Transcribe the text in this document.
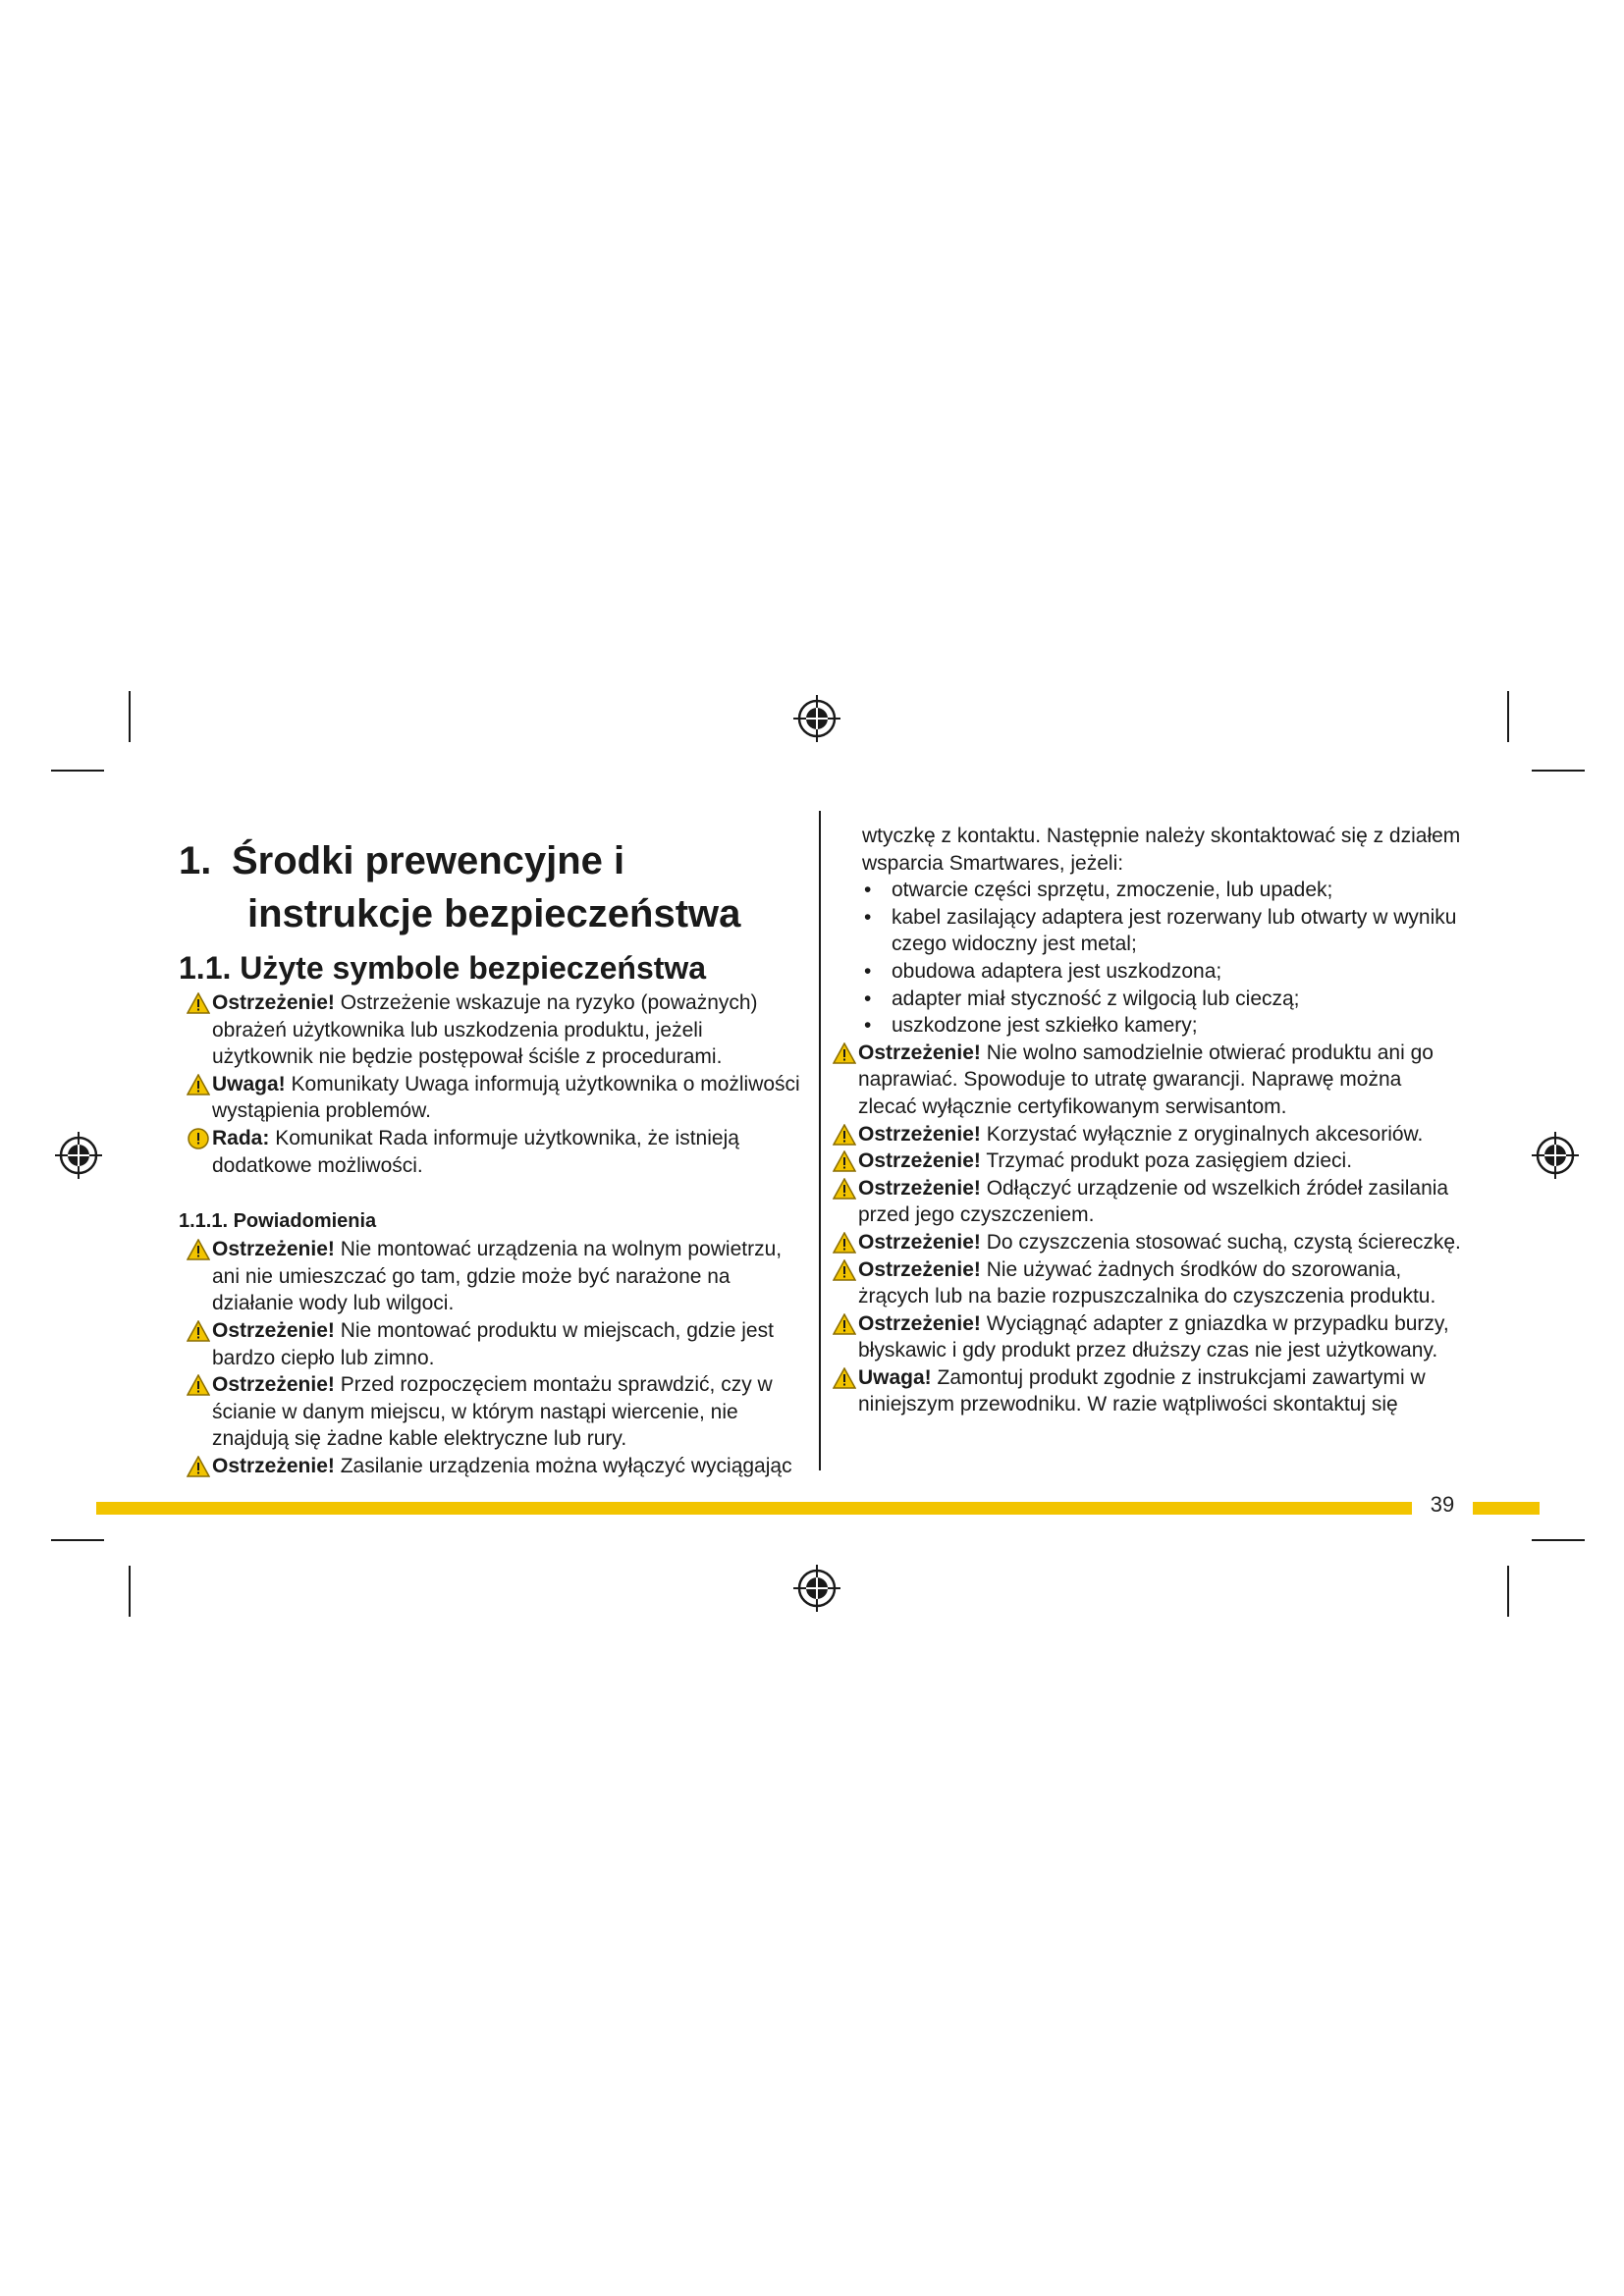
1. Środki prewencyjne i
instrukcje bezpieczeństwa
1.1. Użyte symbole bezpieczeństwa
Ostrzeżenie! Ostrzeżenie wskazuje na ryzyko (poważnych) obrażeń użytkownika lub uszkodzenia produktu, jeżeli użytkownik nie będzie postępował ściśle z procedurami.
Uwaga! Komunikaty Uwaga informują użytkownika o możliwości wystąpienia problemów.
Rada: Komunikat Rada informuje użytkownika, że istnieją dodatkowe możliwości.
1.1.1. Powiadomienia
Ostrzeżenie! Nie montować urządzenia na wolnym powietrzu, ani nie umieszczać go tam, gdzie może być narażone na działanie wody lub wilgoci.
Ostrzeżenie! Nie montować produktu w miejscach, gdzie jest bardzo ciepło lub zimno.
Ostrzeżenie! Przed rozpoczęciem montażu sprawdzić, czy w ścianie w danym miejscu, w którym nastąpi wiercenie, nie znajdują się żadne kable elektryczne lub rury.
Ostrzeżenie! Zasilanie urządzenia można wyłączyć wyciągając
wtyczkę z kontaktu. Następnie należy skontaktować się z działem wsparcia Smartwares, jeżeli:
• otwarcie części sprzętu, zmoczenie, lub upadek;
• kabel zasilający adaptera jest rozerwany lub otwarty w wyniku czego widoczny jest metal;
• obudowa adaptera jest uszkodzona;
• adapter miał styczność z wilgocią lub cieczą;
• uszkodzone jest szkiełko kamery;
Ostrzeżenie! Nie wolno samodzielnie otwierać produktu ani go naprawiać. Spowoduje to utratę gwarancji. Naprawę można zlecać wyłącznie certyfikowanym serwisantom.
Ostrzeżenie! Korzystać wyłącznie z oryginalnych akcesoriów.
Ostrzeżenie! Trzymać produkt poza zasięgiem dzieci.
Ostrzeżenie! Odłączyć urządzenie od wszelkich źródeł zasilania przed jego czyszczeniem.
Ostrzeżenie! Do czyszczenia stosować suchą, czystą ściereczkę.
Ostrzeżenie! Nie używać żadnych środków do szorowania, żrących lub na bazie rozpuszczalnika do czyszczenia produktu.
Ostrzeżenie! Wyciągnąć adapter z gniazdka w przypadku burzy, błyskawic i gdy produkt przez dłuższy czas nie jest użytkowany.
Uwaga! Zamontuj produkt zgodnie z instrukcjami zawartymi w niniejszym przewodniku. W razie wątpliwości skontaktuj się
39
